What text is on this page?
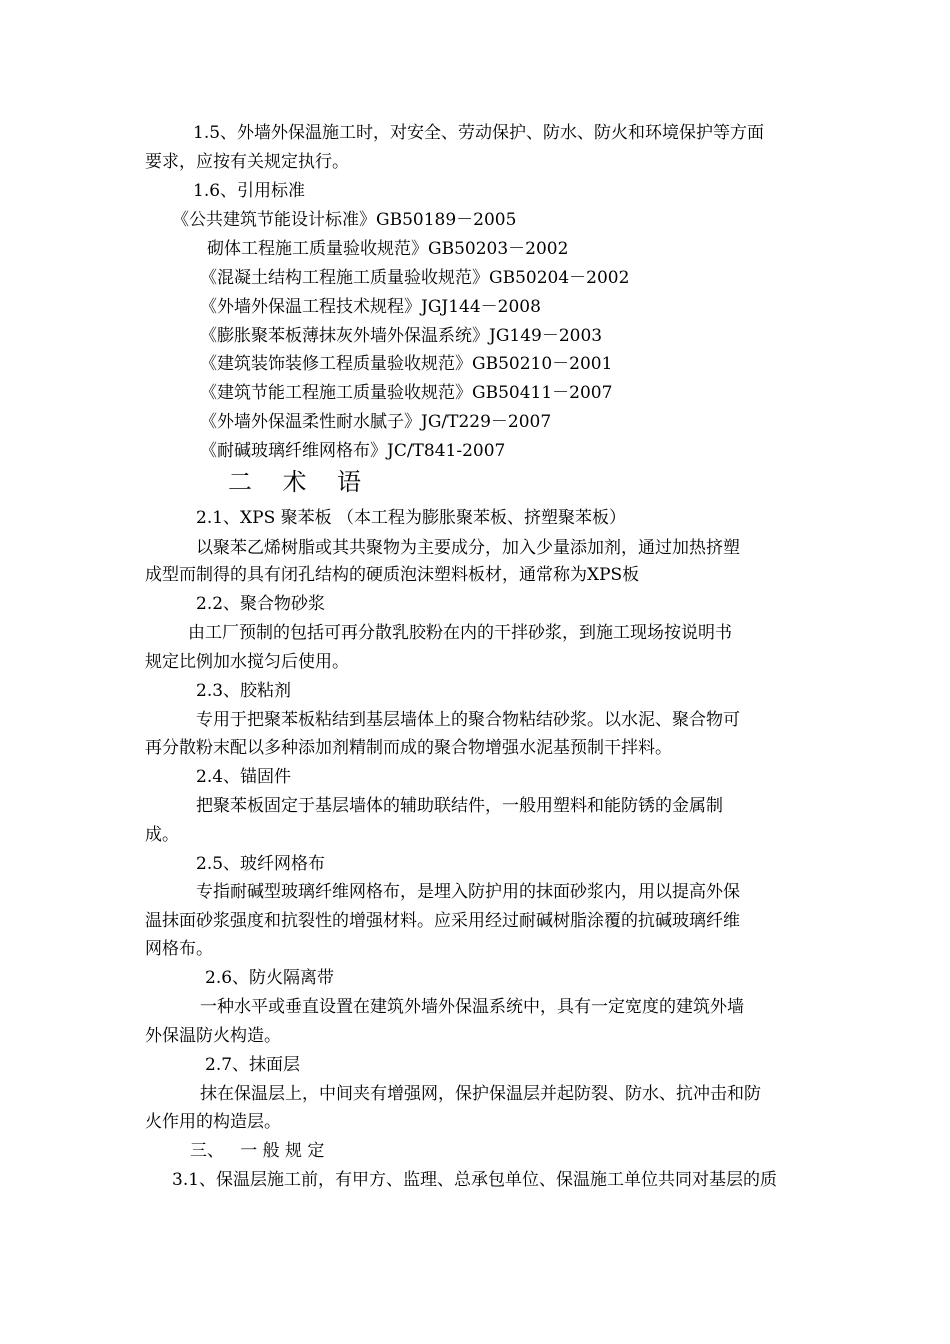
1.5、外墙外保温施工时，对安全、劳动保护、防水、防火和环境保护等方面

要求，应按有关规定执行。

1.6、引用标准

《公共建筑节能设计标准》GB50189－2005

砌体工程施工质量验收规范》GB50203－2002

《混凝土结构工程施工质量验收规范》GB50204－2002

《外墙外保温工程技术规程》JGJ144－2008

《膨胀聚苯板薄抹灰外墙外保温系统》JG149－2003

《建筑装饰装修工程质量验收规范》GB50210－2001

《建筑节能工程施工质量验收规范》GB50411－2007

《外墙外保温柔性耐水腻子》JG/T229－2007

《耐碱玻璃纤维网格布》JC/T841-2007

二    术    语

2.1、XPS 聚苯板 （本工程为膨胀聚苯板、挤塑聚苯板）

以聚苯乙烯树脂或其共聚物为主要成分，加入少量添加剂，通过加热挤塑

成型而制得的具有闭孔结构的硬质泡沫塑料板材，通常称为XPS板

2.2、聚合物砂浆

由工厂预制的包括可再分散乳胶粉在内的干拌砂浆，到施工现场按说明书

规定比例加水搅匀后使用。

2.3、胶粘剂

专用于把聚苯板粘结到基层墙体上的聚合物粘结砂浆。以水泥、聚合物可

再分散粉末配以多种添加剂精制而成的聚合物增强水泥基预制干拌料。

2.4、锚固件

把聚苯板固定于基层墙体的辅助联结件，一般用塑料和能防锈的金属制

成。

2.5、玻纤网格布

专指耐碱型玻璃纤维网格布，是埋入防护用的抹面砂浆内，用以提高外保

温抹面砂浆强度和抗裂性的增强材料。应采用经过耐碱树脂涂覆的抗碱玻璃纤维

网格布。

2.6、防火隔离带

一种水平或垂直设置在建筑外墙外保温系统中，具有一定宽度的建筑外墙

外保温防火构造。

2.7、抹面层

抹在保温层上，中间夹有增强网，保护保温层并起防裂、防水、抗冲击和防

火作用的构造层。

三、   一 般 规 定

3.1、保温层施工前，有甲方、监理、总承包单位、保温施工单位共同对基层的质
